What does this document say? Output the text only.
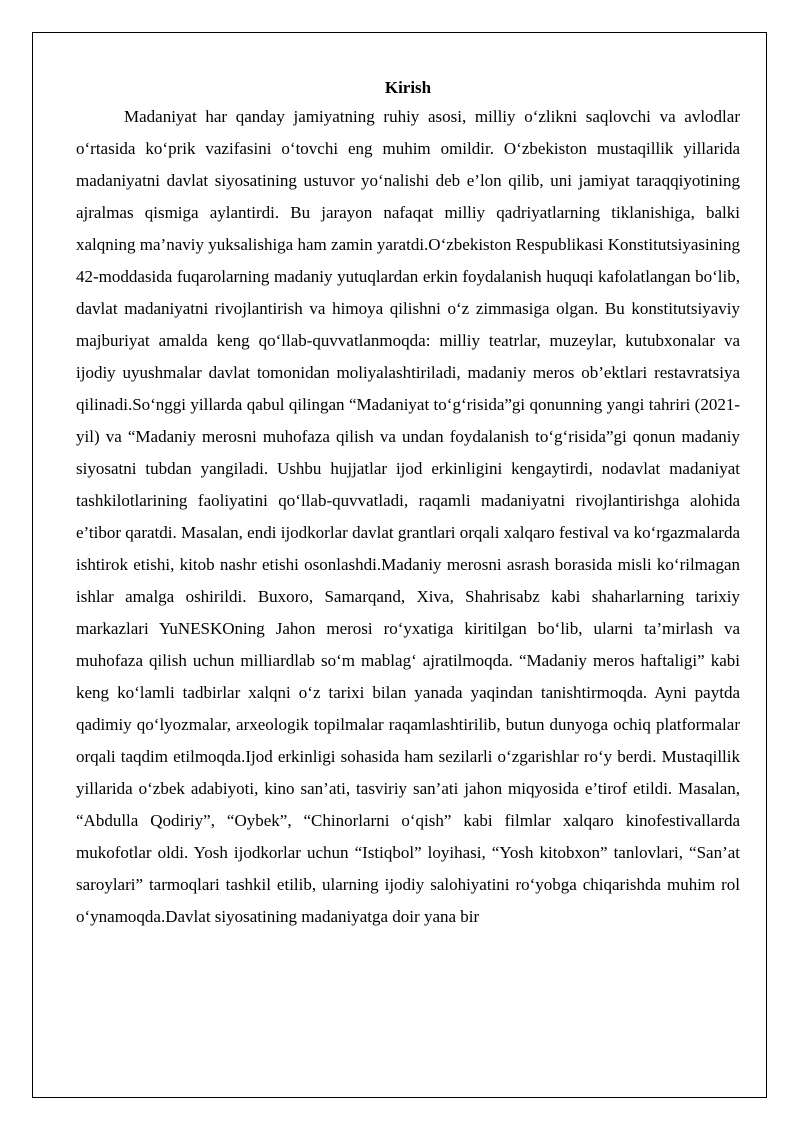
Kirish

Madaniyat har qanday jamiyatning ruhiy asosi, milliy o‘zlikni saqlovchi va avlodlar o‘rtasida ko‘prik vazifasini o‘tovchi eng muhim omildir. O‘zbekiston mustaqillik yillarida madaniyatni davlat siyosatining ustuvor yo‘nalishi deb e’lon qilib, uni jamiyat taraqqiyotining ajralmas qismiga aylantirdi. Bu jarayon nafaqat milliy qadriyatlarning tiklanishiga, balki xalqning ma’naviy yuksalishiga ham zamin yaratdi.O‘zbekiston Respublikasi Konstitutsiyasining 42-moddasida fuqarolarning madaniy yutuqlardan erkin foydalanish huquqi kafolatlangan bo‘lib, davlat madaniyatni rivojlantirish va himoya qilishni o‘z zimmasiga olgan. Bu konstitutsiyaviy majburiyat amalda keng qo‘llab-quvvatlanmoqda: milliy teatrlar, muzeylar, kutubxonalar va ijodiy uyushmalar davlat tomonidan moliyalashtiriladi, madaniy meros ob’ektlari restavratsiya qilinadi.So‘nggi yillarda qabul qilingan “Madaniyat to‘g‘risida”gi qonunning yangi tahriri (2021-yil) va “Madaniy merosni muhofaza qilish va undan foydalanish to‘g‘risida”gi qonun madaniy siyosatni tubdan yangiladi. Ushbu hujjatlar ijod erkinligini kengaytirdi, nodavlat madaniyat tashkilotlarining faoliyatini qo‘llab-quvvatladi, raqamli madaniyatni rivojlantirishga alohida e’tibor qaratdi. Masalan, endi ijodkorlar davlat grantlari orqali xalqaro festival va ko‘rgazmalarda ishtirok etishi, kitob nashr etishi osonlashdi.Madaniy merosni asrash borasida misli ko‘rilmagan ishlar amalga oshirildi. Buxoro, Samarqand, Xiva, Shahrisabz kabi shaharlarning tarixiy markazlari YuNESKOning Jahon merosi ro‘yxatiga kiritilgan bo‘lib, ularni ta’mirlash va muhofaza qilish uchun milliardlab so‘m mablag‘ ajratilmoqda. “Madaniy meros haftaligi” kabi keng ko‘lamli tadbirlar xalqni o‘z tarixi bilan yanada yaqindan tanishtirmoqda. Ayni paytda qadimiy qo‘lyozmalar, arxeologik topilmalar raqamlashtirilib, butun dunyoga ochiq platformalar orqali taqdim etilmoqda.Ijod erkinligi sohasida ham sezilarli o‘zgarishlar ro‘y berdi. Mustaqillik yillarida o‘zbek adabiyoti, kino san’ati, tasviriy san’ati jahon miqyosida e’tirof etildi. Masalan, “Abdulla Qodiriy”, “Oybek”, “Chinorlarni o‘qish” kabi filmlar xalqaro kinofestivallarda mukofotlar oldi. Yosh ijodkorlar uchun “Istiqbol” loyihasi, “Yosh kitobxon” tanlovlari, “San’at saroylari” tarmoqlari tashkil etilib, ularning ijodiy salohiyatini ro‘yobga chiqarishda muhim rol o‘ynamoqda.Davlat siyosatining madaniyatga doir yana bir
